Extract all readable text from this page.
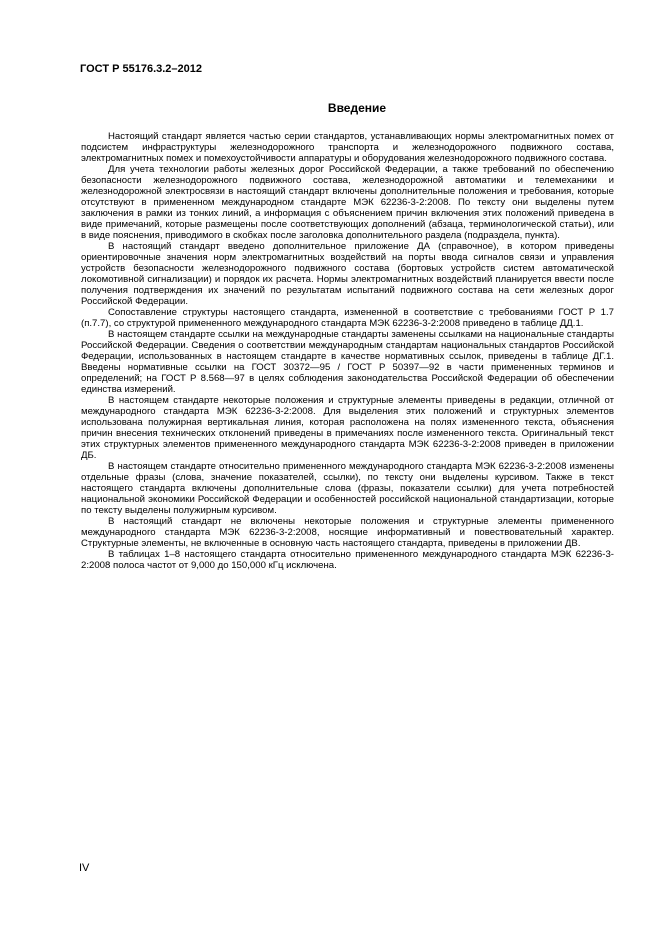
ГОСТ Р 55176.3.2–2012
Введение

Настоящий стандарт является частью серии стандартов, устанавливающих нормы электромагнитных помех от подсистем инфраструктуры железнодорожного транспорта и железнодорожного подвижного состава, электромагнитных помех и помехоустойчивости аппаратуры и оборудования железнодорожного подвижного состава.

Для учета технологии работы железных дорог Российской Федерации, а также требований по обеспечению безопасности железнодорожного подвижного состава, железнодорожной автоматики и телемеханики и железнодорожной электросвязи в настоящий стандарт включены дополнительные положения и требования, которые отсутствуют в примененном международном стандарте МЭК 62236-3-2:2008. По тексту они выделены путем заключения в рамки из тонких линий, а информация с объяснением причин включения этих положений приведена в виде примечаний, которые размещены после соответствующих дополнений (абзаца, терминологической статьи), или в виде пояснения, приводимого в скобках после заголовка дополнительного раздела (подраздела, пункта).

В настоящий стандарт введено дополнительное приложение ДА (справочное), в котором приведены ориентировочные значения норм электромагнитных воздействий на порты ввода сигналов связи и управления устройств безопасности железнодорожного подвижного состава (бортовых устройств систем автоматической локомотивной сигнализации) и порядок их расчета. Нормы электромагнитных воздействий планируется ввести после получения подтверждения их значений по результатам испытаний подвижного состава на сети железных дорог Российской Федерации.

Сопоставление структуры настоящего стандарта, измененной в соответствие с требованиями ГОСТ Р 1.7 (п.7.7), со структурой примененного международного стандарта МЭК 62236-3-2:2008 приведено в таблице ДД.1.

В настоящем стандарте ссылки на международные стандарты заменены ссылками на национальные стандарты Российской Федерации. Сведения о соответствии международным стандартам национальных стандартов Российской Федерации, использованных в настоящем стандарте в качестве нормативных ссылок, приведены в таблице ДГ.1. Введены нормативные ссылки на ГОСТ 30372—95 / ГОСТ Р 50397—92 в части примененных терминов и определений; на ГОСТ Р 8.568—97 в целях соблюдения законодательства Российской Федерации об обеспечении единства измерений.

В настоящем стандарте некоторые положения и структурные элементы приведены в редакции, отличной от международного стандарта МЭК 62236-3-2:2008. Для выделения этих положений и структурных элементов использована полужирная вертикальная линия, которая расположена на полях измененного текста, объяснения причин внесения технических отклонений приведены в примечаниях после измененного текста. Оригинальный текст этих структурных элементов примененного международного стандарта МЭК 62236-3-2:2008 приведен в приложении ДБ.

В настоящем стандарте относительно примененного международного стандарта МЭК 62236-3-2:2008 изменены отдельные фразы (слова, значение показателей, ссылки), по тексту они выделены курсивом. Также в текст настоящего стандарта включены дополнительные слова (фразы, показатели ссылки) для учета потребностей национальной экономики Российской Федерации и особенностей российской национальной стандартизации, которые по тексту выделены полужирным курсивом.

В настоящий стандарт не включены некоторые положения и структурные элементы примененного международного стандарта МЭК 62236-3-2:2008, носящие информативный и повествовательный характер. Структурные элементы, не включенные в основную часть настоящего стандарта, приведены в приложении ДВ.

В таблицах 1–8 настоящего стандарта относительно примененного международного стандарта МЭК 62236-3-2:2008 полоса частот от 9,000 до 150,000 кГц исключена.

IV
